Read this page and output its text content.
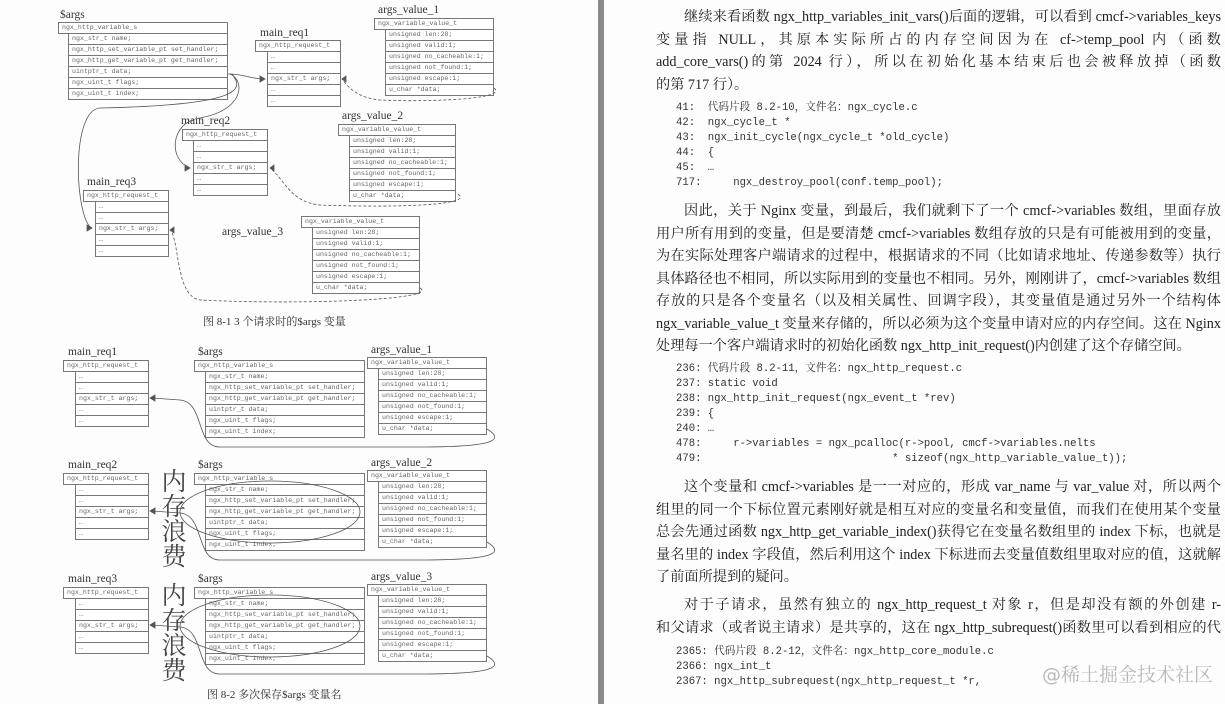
$args
ngx_http_variable_s
ngx_str_t name;
ngx_http_set_variable_pt set_handler;
ngx_http_get_variable_pt get_handler;
uintptr_t data;
ngx_uint_t flags;
ngx_uint_t index;
main_req1
ngx_http_request_t
…
…
ngx_str_t args;
…
…
args_value_1
ngx_variable_value_t
unsigned len:28;
unsigned valid:1;
unsigned no_cacheable:1;
unsigned not_found:1;
unsigned escape:1;
u_char *data;
main_req2
ngx_http_request_t
…
…
ngx_str_t args;
…
…
args_value_2
ngx_variable_value_t
unsigned len:28;
unsigned valid:1;
unsigned no_cacheable:1;
unsigned not_found:1;
unsigned escape:1;
u_char *data;
main_req3
ngx_http_request_t
…
…
ngx_str_t args;
…
…
args_value_3
ngx_variable_value_t
unsigned len:28;
unsigned valid:1;
unsigned no_cacheable:1;
unsigned not_found:1;
unsigned escape:1;
u_char *data;
图 8-1 3 个请求时的$args 变量
main_req1
ngx_http_request_t
…
…
ngx_str_t args;
…
…
$args
ngx_http_variable_s
ngx_str_t name;
ngx_http_set_variable_pt set_handler;
ngx_http_get_variable_pt get_handler;
uintptr_t data;
ngx_uint_t flags;
ngx_uint_t index;
args_value_1
ngx_variable_value_t
unsigned len:28;
unsigned valid:1;
unsigned no_cacheable:1;
unsigned not_found:1;
unsigned escape:1;
u_char *data;
main_req2
ngx_http_request_t
…
…
ngx_str_t args;
…
…
$args
ngx_http_variable_s
ngx_str_t name;
ngx_http_set_variable_pt set_handler;
ngx_http_get_variable_pt get_handler;
uintptr_t data;
ngx_uint_t flags;
ngx_uint_t index;
args_value_2
ngx_variable_value_t
unsigned len:28;
unsigned valid:1;
unsigned no_cacheable:1;
unsigned not_found:1;
unsigned escape:1;
u_char *data;
内存浪费
main_req3
ngx_http_request_t
…
…
ngx_str_t args;
…
…
$args
ngx_http_variable_s
ngx_str_t name;
ngx_http_set_variable_pt set_handler;
ngx_http_get_variable_pt get_handler;
uintptr_t data;
ngx_uint_t flags;
ngx_uint_t index;
args_value_3
ngx_variable_value_t
unsigned len:28;
unsigned valid:1;
unsigned no_cacheable:1;
unsigned not_found:1;
unsigned escape:1;
u_char *data;
内存浪费
图 8-2 多次保存$args 变量名
继续来看函数 ngx_http_variables_init_vars()后面的逻辑，可以看到 cmcf->variables_keys
变量指 NULL，其原本实际所占的内存空间因为在 cf->temp_pool 内（函数
add_core_vars()的第 2024 行），所以在初始化基本结束后也会被释放掉（函数
的第 717 行）。
41:  代码片段 8.2-10，文件名：ngx_cycle.c
42:  ngx_cycle_t *
43:  ngx_init_cycle(ngx_cycle_t *old_cycle)
44:  {
45:  …
717:     ngx_destroy_pool(conf.temp_pool);
因此，关于 Nginx 变量，到最后，我们就剩下了一个 cmcf->variables 数组，里面存放
用户所有用到的变量，但是要清楚 cmcf->variables 数组存放的只是有可能被用到的变量，
为在实际处理客户端请求的过程中，根据请求的不同（比如请求地址、传递参数等）执行
具体路径也不相同，所以实际用到的变量也不相同。另外，刚刚讲了，cmcf->variables 数组
存放的只是各个变量名（以及相关属性、回调字段），其变量值是通过另外一个结构体
ngx_variable_value_t 变量来存储的，所以必须为这个变量申请对应的内存空间。这在 Nginx
处理每一个客户端请求时的初始化函数 ngx_http_init_request()内创建了这个存储空间。
236: 代码片段 8.2-11，文件名：ngx_http_request.c
237: static void
238: ngx_http_init_request(ngx_event_t *rev)
239: {
240: …
478:     r->variables = ngx_pcalloc(r->pool, cmcf->variables.nelts
479:                              * sizeof(ngx_http_variable_value_t));
这个变量和 cmcf->variables 是一一对应的，形成 var_name 与 var_value 对，所以两个
组里的同一个下标位置元素刚好就是相互对应的变量名和变量值，而我们在使用某个变量
总会先通过函数 ngx_http_get_variable_index()获得它在变量名数组里的 index 下标，也就是
量名里的 index 字段值，然后利用这个 index 下标进而去变量值数组里取对应的值，这就解
了前面所提到的疑问。
对于子请求，虽然有独立的 ngx_http_request_t 对象 r，但是却没有额的外创建 r-
和父请求（或者说主请求）是共享的，这在 ngx_http_subrequest()函数里可以看到相应的代
2365: 代码片段 8.2-12，文件名：ngx_http_core_module.c
2366: ngx_int_t
2367: ngx_http_subrequest(ngx_http_request_t *r,	@稀土掘金技术社区
